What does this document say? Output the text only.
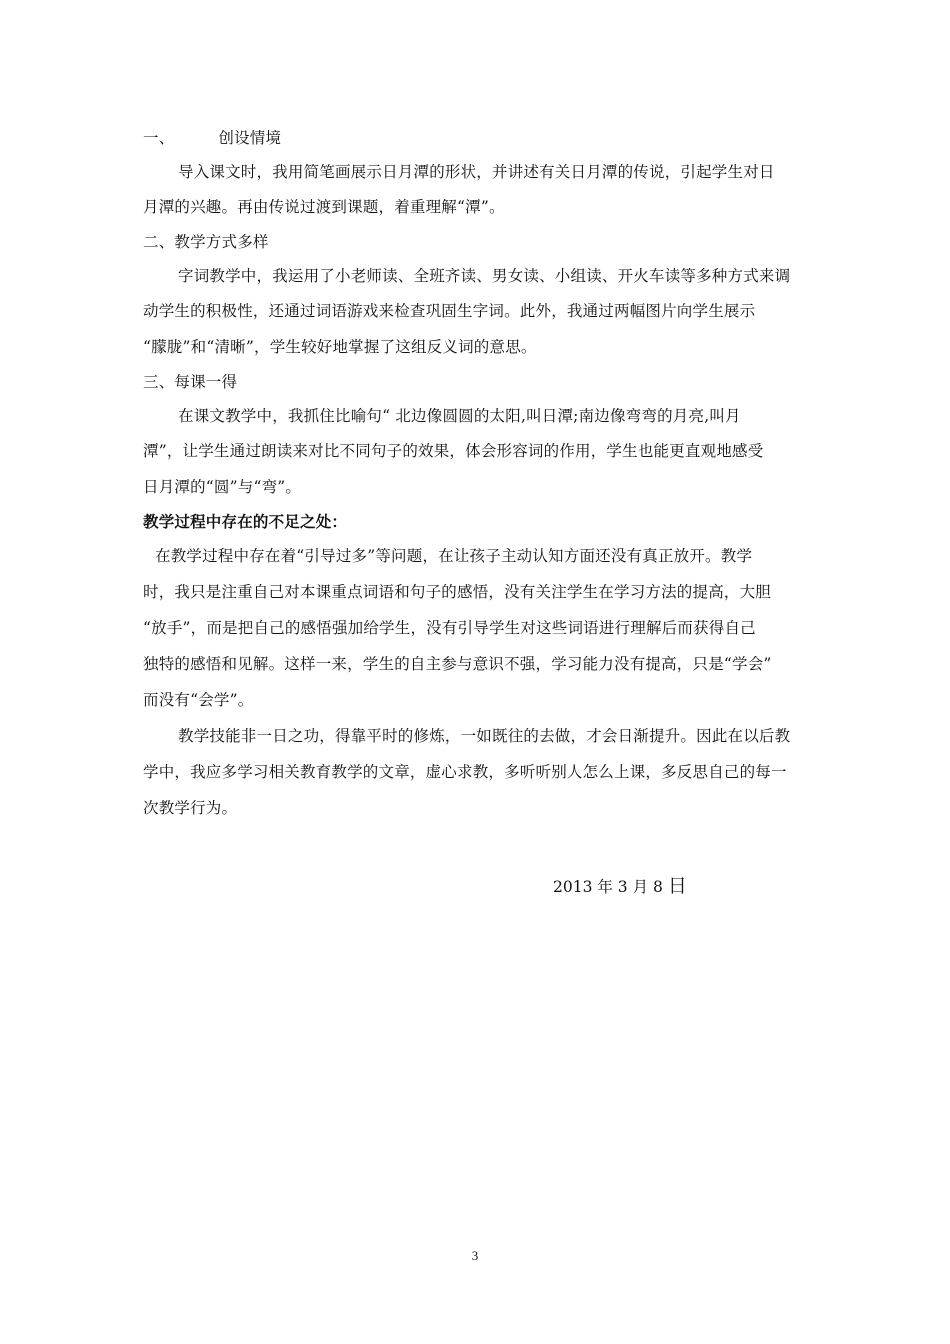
一、	创设情境
导入课文时，我用简笔画展示日月潭的形状，并讲述有关日月潭的传说，引起学生对日
月潭的兴趣。再由传说过渡到课题，着重理解“潭”。
二、教学方式多样
字词教学中，我运用了小老师读、全班齐读、男女读、小组读、开火车读等多种方式来调
动学生的积极性，还通过词语游戏来检查巩固生字词。此外，我通过两幅图片向学生展示
“朦胧”和“清晰”，学生较好地掌握了这组反义词的意思。
三、每课一得
在课文教学中，我抓住比喻句“ 北边像圆圆的太阳,叫日潭;南边像弯弯的月亮,叫月
潭”，让学生通过朗读来对比不同句子的效果，体会形容词的作用，学生也能更直观地感受
日月潭的“圆”与“弯”。
教学过程中存在的不足之处：
在教学过程中存在着“引导过多”等问题，在让孩子主动认知方面还没有真正放开。教学
时，我只是注重自己对本课重点词语和句子的感悟，没有关注学生在学习方法的提高，大胆
“放手”，而是把自己的感悟强加给学生，没有引导学生对这些词语进行理解后而获得自己
独特的感悟和见解。这样一来，学生的自主参与意识不强，学习能力没有提高，只是“学会”
而没有“会学”。
教学技能非一日之功，得靠平时的修炼，一如既往的去做，才会日渐提升。因此在以后教
学中，我应多学习相关教育教学的文章，虚心求教，多听听别人怎么上课，多反思自己的每一
次教学行为。
2013 年 3 月 8 日
3
